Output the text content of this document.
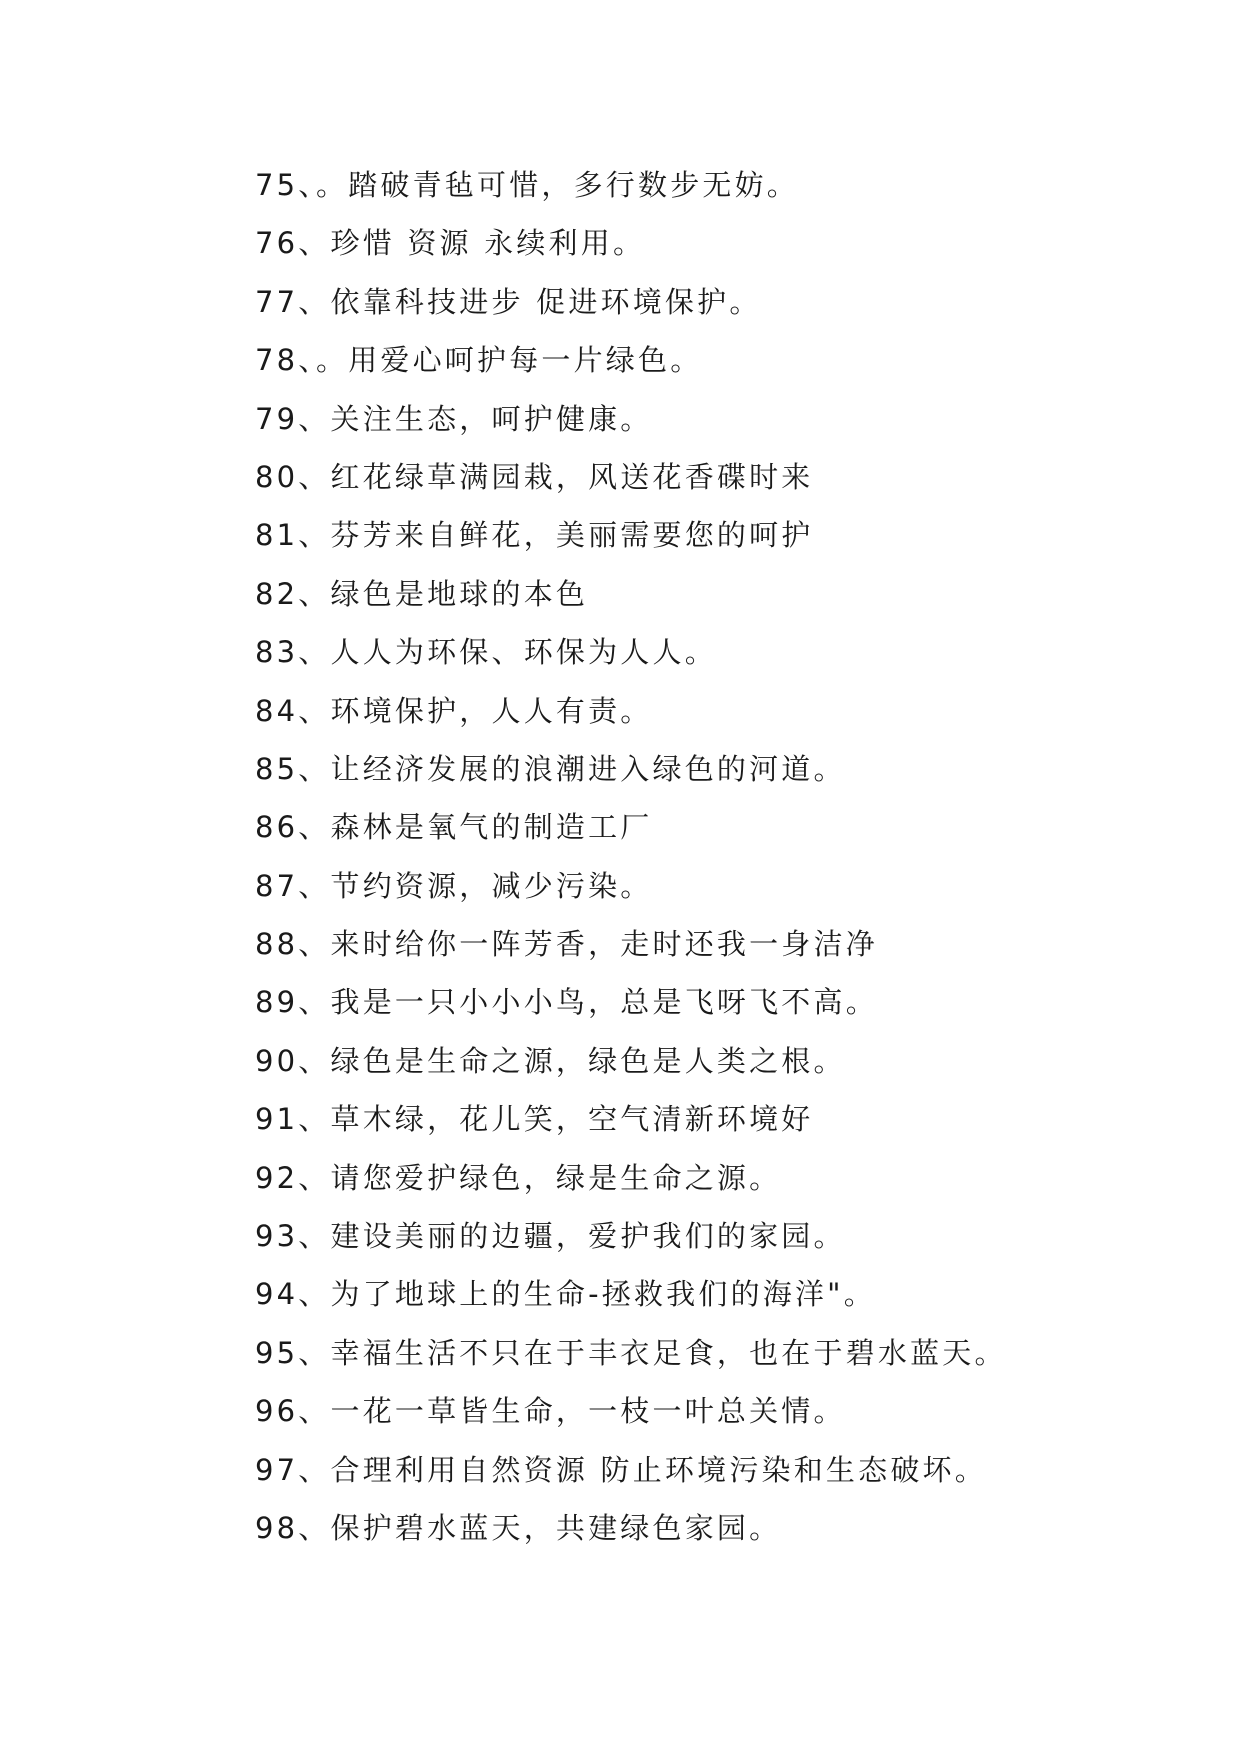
75、。踏破青毡可惜，多行数步无妨。
76、珍惜 资源 永续利用。
77、依靠科技进步 促进环境保护。
78、。用爱心呵护每一片绿色。
79、关注生态，呵护健康。
80、红花绿草满园栽，风送花香碟时来
81、芬芳来自鲜花，美丽需要您的呵护
82、绿色是地球的本色
83、人人为环保、环保为人人。
84、环境保护，人人有责。
85、让经济发展的浪潮进入绿色的河道。
86、森林是氧气的制造工厂
87、节约资源，减少污染。
88、来时给你一阵芳香，走时还我一身洁净
89、我是一只小小小鸟，总是飞呀飞不高。
90、绿色是生命之源，绿色是人类之根。
91、草木绿，花儿笑，空气清新环境好
92、请您爱护绿色，绿是生命之源。
93、建设美丽的边疆，爱护我们的家园。
94、为了地球上的生命-拯救我们的海洋"。
95、幸福生活不只在于丰衣足食，也在于碧水蓝天。
96、一花一草皆生命，一枝一叶总关情。
97、合理利用自然资源 防止环境污染和生态破坏。
98、保护碧水蓝天，共建绿色家园。
